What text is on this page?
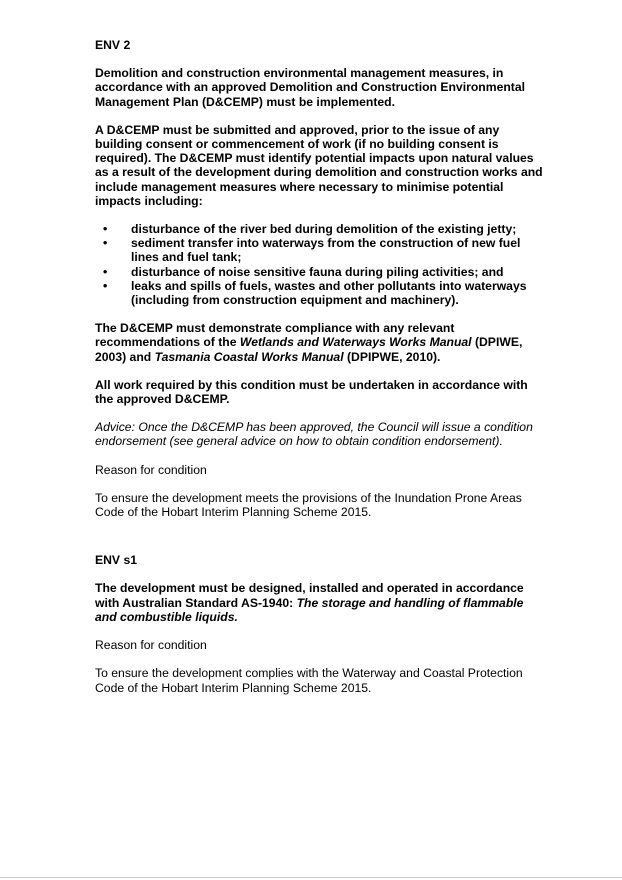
ENV 2

Demolition and construction environmental management measures, in accordance with an approved Demolition and Construction Environmental Management Plan (D&CEMP) must be implemented.

A D&CEMP must be submitted and approved, prior to the issue of any building consent or commencement of work (if no building consent is required). The D&CEMP must identify potential impacts upon natural values as a result of the development during demolition and construction works and include management measures where necessary to minimise potential impacts including:

• disturbance of the river bed during demolition of the existing jetty;
• sediment transfer into waterways from the construction of new fuel lines and fuel tank;
• disturbance of noise sensitive fauna during piling activities; and
• leaks and spills of fuels, wastes and other pollutants into waterways (including from construction equipment and machinery).

The D&CEMP must demonstrate compliance with any relevant recommendations of the Wetlands and Waterways Works Manual (DPIWE, 2003) and Tasmania Coastal Works Manual (DPIPWE, 2010).

All work required by this condition must be undertaken in accordance with the approved D&CEMP.

Advice: Once the D&CEMP has been approved, the Council will issue a condition endorsement (see general advice on how to obtain condition endorsement).

Reason for condition

To ensure the development meets the provisions of the Inundation Prone Areas Code of the Hobart Interim Planning Scheme 2015.

ENV s1

The development must be designed, installed and operated in accordance with Australian Standard AS-1940: The storage and handling of flammable and combustible liquids.

Reason for condition

To ensure the development complies with the Waterway and Coastal Protection Code of the Hobart Interim Planning Scheme 2015.
